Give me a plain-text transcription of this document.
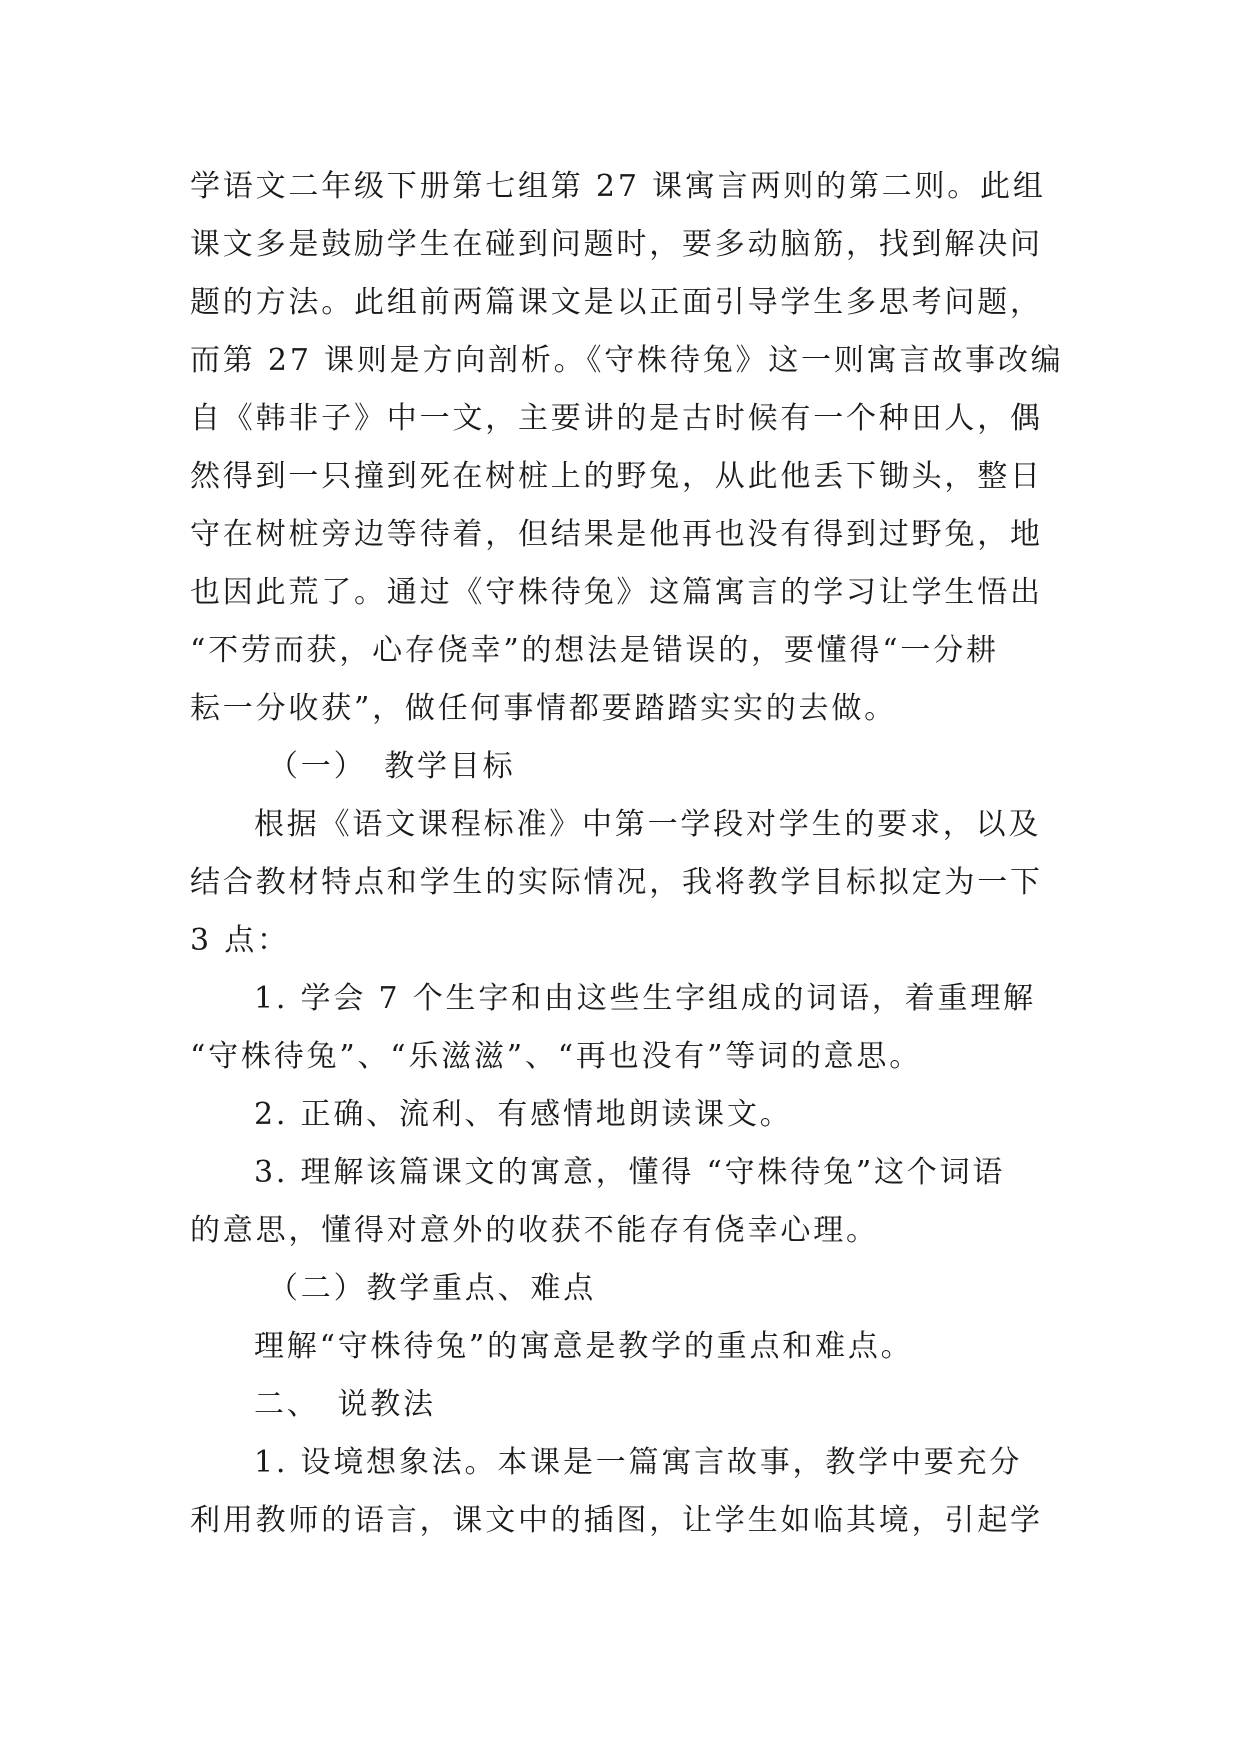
学语文二年级下册第七组第 27 课寓言两则的第二则。此组
课文多是鼓励学生在碰到问题时，要多动脑筋，找到解决问
题的方法。此组前两篇课文是以正面引导学生多思考问题，
而第 27 课则是方向剖析。《守株待兔》这一则寓言故事改编
自《韩非子》中一文，主要讲的是古时候有一个种田人，偶
然得到一只撞到死在树桩上的野兔，从此他丢下锄头，整日
守在树桩旁边等待着，但结果是他再也没有得到过野兔，地
也因此荒了。通过《守株待兔》这篇寓言的学习让学生悟出
“不劳而获，心存侥幸”的想法是错误的，要懂得“一分耕
耘一分收获”，做任何事情都要踏踏实实的去做。
（一）　教学目标
根据《语文课程标准》中第一学段对学生的要求，以及
结合教材特点和学生的实际情况，我将教学目标拟定为一下
3 点：
1. 学会 7 个生字和由这些生字组成的词语，着重理解
“守株待兔”、“乐滋滋”、“再也没有”等词的意思。
2. 正确、流利、有感情地朗读课文。
3. 理解该篇课文的寓意，懂得 “守株待兔”这个词语
的意思，懂得对意外的收获不能存有侥幸心理。
（二）教学重点、难点
理解“守株待兔”的寓意是教学的重点和难点。
二、　说教法
1. 设境想象法。本课是一篇寓言故事，教学中要充分
利用教师的语言，课文中的插图，让学生如临其境，引起学
